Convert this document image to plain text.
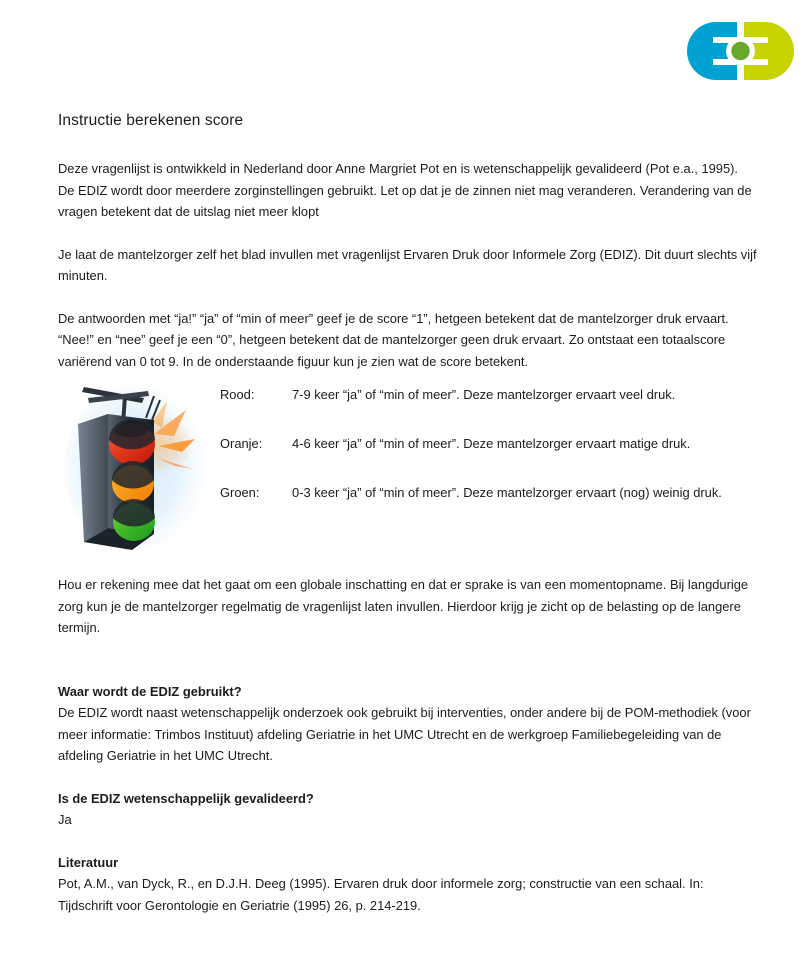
Instructie berekenen score

Deze vragenlijst is ontwikkeld in Nederland door Anne Margriet Pot en is wetenschappelijk gevalideerd (Pot e.a., 1995). De EDIZ wordt door meerdere zorginstellingen gebruikt. Let op dat je de zinnen niet mag veranderen. Verandering van de vragen betekent dat de uitslag niet meer klopt

Je laat de mantelzorger zelf het blad invullen met vragenlijst Ervaren Druk door Informele Zorg (EDIZ). Dit duurt slechts vijf minuten.

De antwoorden met “ja!” “ja” of “min of meer” geef je de score “1”, hetgeen betekent dat de mantelzorger druk ervaart. “Nee!” en “nee” geef je een “0”, hetgeen betekent dat de mantelzorger geen druk ervaart. Zo ontstaat een totaalscore variërend van 0 tot 9. In de onderstaande figuur kun je zien wat de score betekent.

Rood:	7-9 keer “ja” of “min of meer”. Deze mantelzorger ervaart veel druk.
Oranje:	4-6 keer “ja” of “min of meer”. Deze mantelzorger ervaart matige druk.
Groen:	0-3 keer “ja” of “min of meer”. Deze mantelzorger ervaart (nog) weinig druk.

Hou er rekening mee dat het gaat om een globale inschatting en dat er sprake is van een momentopname. Bij langdurige zorg kun je de mantelzorger regelmatig de vragenlijst laten invullen. Hierdoor krijg je zicht op de belasting op de langere termijn.

Waar wordt de EDIZ gebruikt?

De EDIZ wordt naast wetenschappelijk onderzoek ook gebruikt bij interventies, onder andere bij de POM-methodiek (voor meer informatie: Trimbos Instituut) afdeling Geriatrie in het UMC Utrecht en de werkgroep Familiebegeleiding van de afdeling Geriatrie in het UMC Utrecht.

Is de EDIZ wetenschappelijk gevalideerd?

Ja

Literatuur

Pot, A.M., van Dyck, R., en D.J.H. Deeg (1995). Ervaren druk door informele zorg; constructie van een schaal. In: Tijdschrift voor Gerontologie en Geriatrie (1995) 26, p. 214-219.
